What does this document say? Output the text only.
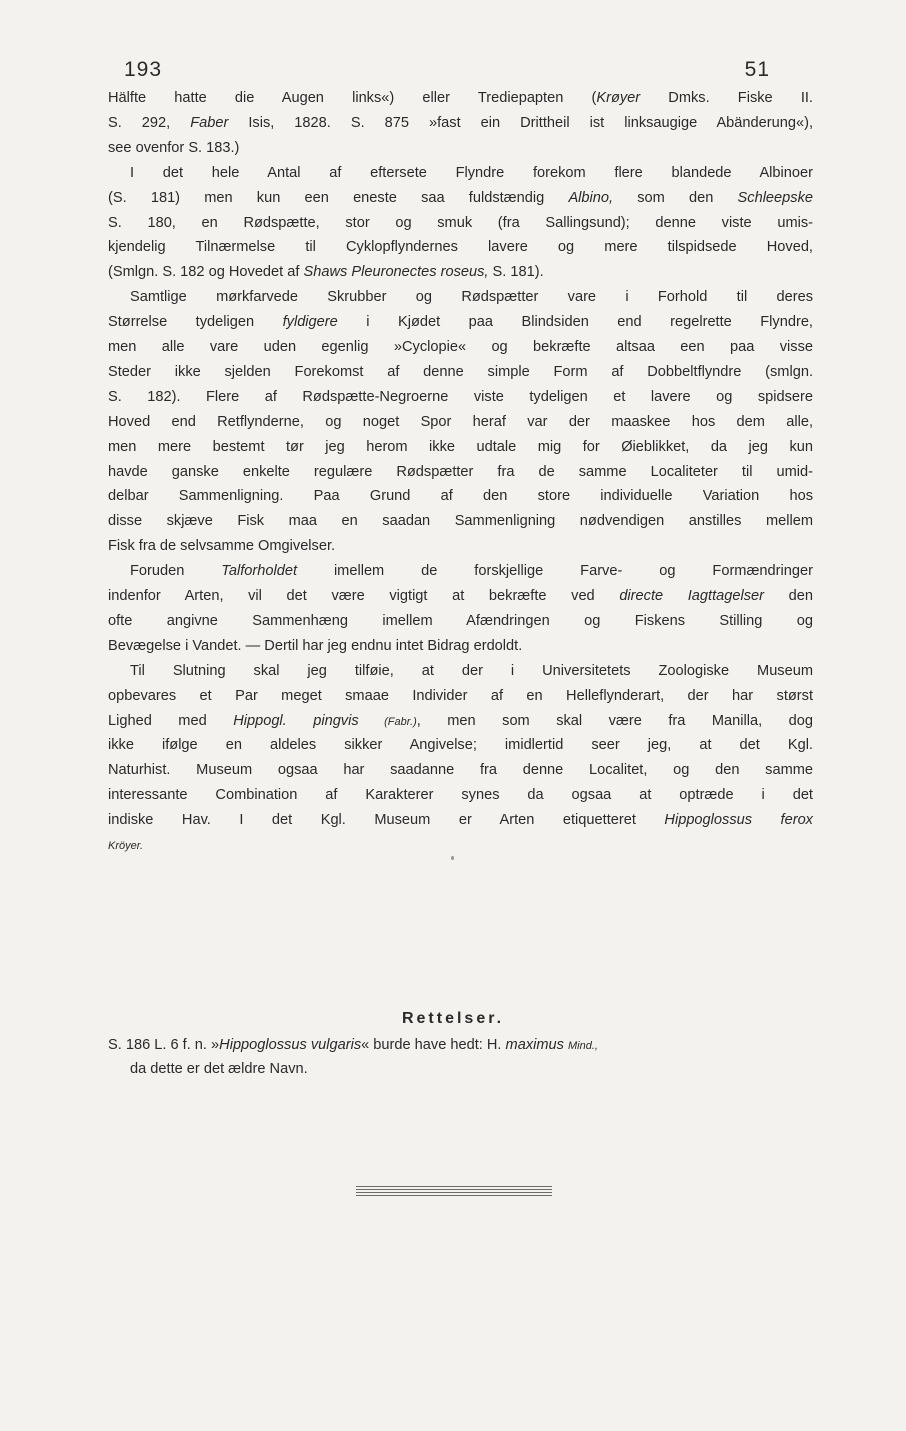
193	51
Hälfte hatte die Augen links«) eller Trediepарten (Krøyer Dmks. Fiske II.
S. 292, Faber Isis, 1828. S. 875 »fast ein Drittheil ist linksaugige Abänderung«),
see ovenfor S. 183.)
I det hele Antal af eftersete Flyndre forekom flere blandede Albinoer
(S. 181) men kun een eneste saa fuldstændig Albino, som den Schleepske
S. 180, en Rødspætte, stor og smuk (fra Sallingsund); denne viste umis-
kjendelig Tilnærmelse til Cyklopflyndernes lavere og mere tilspidsede Hoved,
(Smlgn. S. 182 og Hovedet af Shaws Pleuronectes roseus, S. 181).
Samtlige mørkfarvede Skrubber og Rødspætter vare i Forhold til deres
Størrelse tydeligen fyldigere i Kjødet paa Blindsiden end regelrette Flyndre,
men alle vare uden egenlig »Cyclopie« og bekræfte altsaa een paa visse
Steder ikke sjelden Forekomst af denne simple Form af Dobbeltflyndre (smlgn.
S. 182). Flere af Rødspætte-Negroerne viste tydeligen et lavere og spidsere
Hoved end Retflynderne, og noget Spor heraf var der maaskee hos dem alle,
men mere bestemt tør jeg herom ikke udtale mig for Øieblikket, da jeg kun
havde ganske enkelte regulære Rødspætter fra de samme Localiteter til umid-
delbar Sammenligning. Paa Grund af den store individuelle Variation hos
disse skjæve Fisk maa en saadan Sammenligning nødvendigen anstilles mellem
Fisk fra de selvsamme Omgivelser.
Foruden Talforholdet imellem de forskjellige Farve- og Formændringer
indenfor Arten, vil det være vigtigt at bekræfte ved directe Iagttagelser den
ofte angivne Sammenhæng imellem Afændringen og Fiskens Stilling og
Bevægelse i Vandet. — Dertil har jeg endnu intet Bidrag erdoldt.
Til Slutning skal jeg tilføie, at der i Universitetets Zoologiske Museum
opbevares et Par meget smaae Individer af en Helleflynderart, der har størst
Lighed med Hippogl. pingvis (Fabr.), men som skal være fra Manilla, dog
ikke ifølge en aldeles sikker Angivelse; imidlertid seer jeg, at det Kgl.
Naturhist. Museum ogsaa har saadanne fra denne Localitet, og den samme
interessante Combination af Karakterer synes da ogsaa at optræde i det
indiske Hav. I det Kgl. Museum er Arten etiquetteret Hippoglossus ferox
Kröyer.
Rettelser.
S. 186 L. 6 f. n. »Hippoglossus vulgaris« burde have hedt: H. maximus Mind.,
da dette er det ældre Navn.
